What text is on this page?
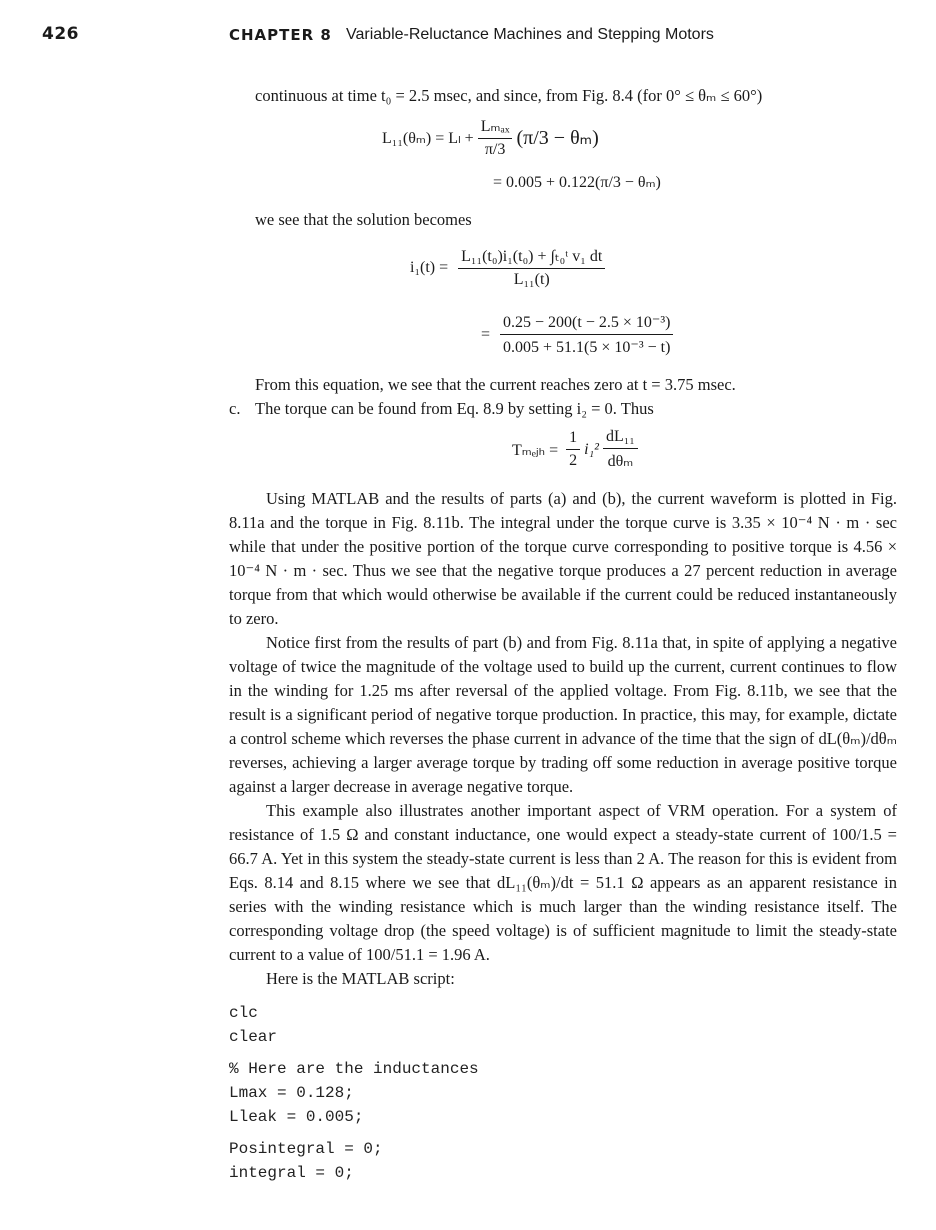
426	CHAPTER 8 Variable-Reluctance Machines and Stepping Motors
continuous at time t₀ = 2.5 msec, and since, from Fig. 8.4 (for 0° ≤ θₘ ≤ 60°)
$L_{11}(\theta_m) = L_l + \frac{\text{Lₘₐₓ}}{\pi/3} (\pi/3 - \theta_m)$
= 0.005 + 0.122(π/3 − θₘ)
we see that the solution becomes
$i_1(t) = \frac{\text{L₁₁(t₀)i₁(t₀) + ∫ₜ₀ᵗ v₁ dt}}{\text{L₁₁(t)}}$
= $\frac{\text{0.25 − 200(t − 2.5 × 10⁻³)}}{\text{0.005 + 51.1(5 × 10⁻³ − t)}}$
From this equation, we see that the current reaches zero at t = 3.75 msec.
c. The torque can be found from Eq. 8.9 by setting i₂ = 0. Thus
Tₘₑⱼₕ = $\frac{1}{2} i_1^2 \frac{\text{dL₁₁}}{\text{dθₘ}}$
Using MATLAB and the results of parts (a) and (b), the current waveform is plotted in Fig. 8.11a and the torque in Fig. 8.11b. The integral under the torque curve is 3.35 × 10⁻⁴ N · m · sec while that under the positive portion of the torque curve corresponding to positive torque is 4.56 × 10⁻⁴ N · m · sec. Thus we see that the negative torque produces a 27 percent reduction in average torque from that which would otherwise be available if the current could be reduced instantaneously to zero.
Notice first from the results of part (b) and from Fig. 8.11a that, in spite of applying a negative voltage of twice the magnitude of the voltage used to build up the current, current continues to flow in the winding for 1.25 ms after reversal of the applied voltage. From Fig. 8.11b, we see that the result is a significant period of negative torque production. In practice, this may, for example, dictate a control scheme which reverses the phase current in advance of the time that the sign of dL(θₘ)/dθₘ reverses, achieving a larger average torque by trading off some reduction in average positive torque against a larger decrease in average negative torque.
This example also illustrates another important aspect of VRM operation. For a system of resistance of 1.5 Ω and constant inductance, one would expect a steady-state current of 100/1.5 = 66.7 A. Yet in this system the steady-state current is less than 2 A. The reason for this is evident from Eqs. 8.14 and 8.15 where we see that dL₁₁(θₘ)/dt = 51.1 Ω appears as an apparent resistance in series with the winding resistance which is much larger than the winding resistance itself. The corresponding voltage drop (the speed voltage) is of sufficient magnitude to limit the steady-state current to a value of 100/51.1 = 1.96 A.
Here is the MATLAB script:
clc
clear
% Here are the inductances
Lmax = 0.128;
Lleak = 0.005;
Posintegral = 0;
integral = 0;
